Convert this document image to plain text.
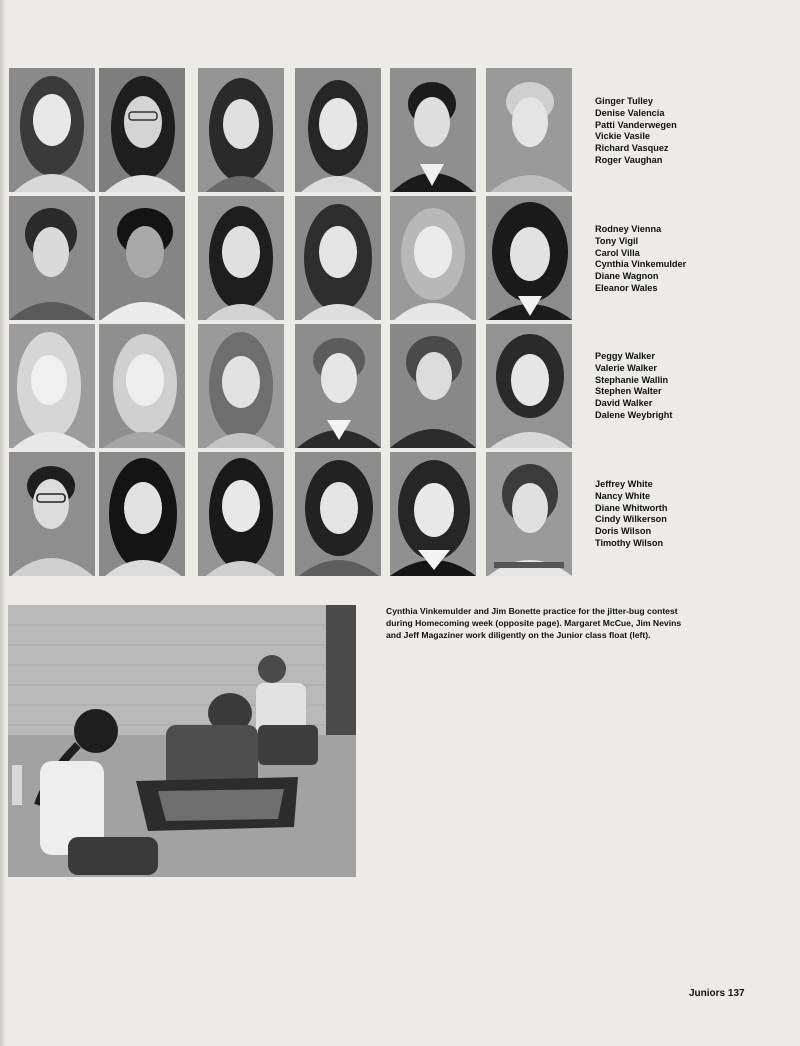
Ginger Tulley
Denise Valencia
Patti Vanderwegen
Vickie Vasile
Richard Vasquez
Roger Vaughan
Rodney Vienna
Tony Vigil
Carol Villa
Cynthia Vinkemulder
Diane Wagnon
Eleanor Wales
Peggy Walker
Valerie Walker
Stephanie Wallin
Stephen Walter
David Walker
Dalene Weybright
Jeffrey White
Nancy White
Diane Whitworth
Cindy Wilkerson
Doris Wilson
Timothy Wilson
Cynthia Vinkemulder and Jim Bonette practice for the jitter-bug contest during Homecoming week (opposite page). Margaret McCue, Jim Nevins and Jeff Magaziner work diligently on the Junior class float (left).
Juniors 137
